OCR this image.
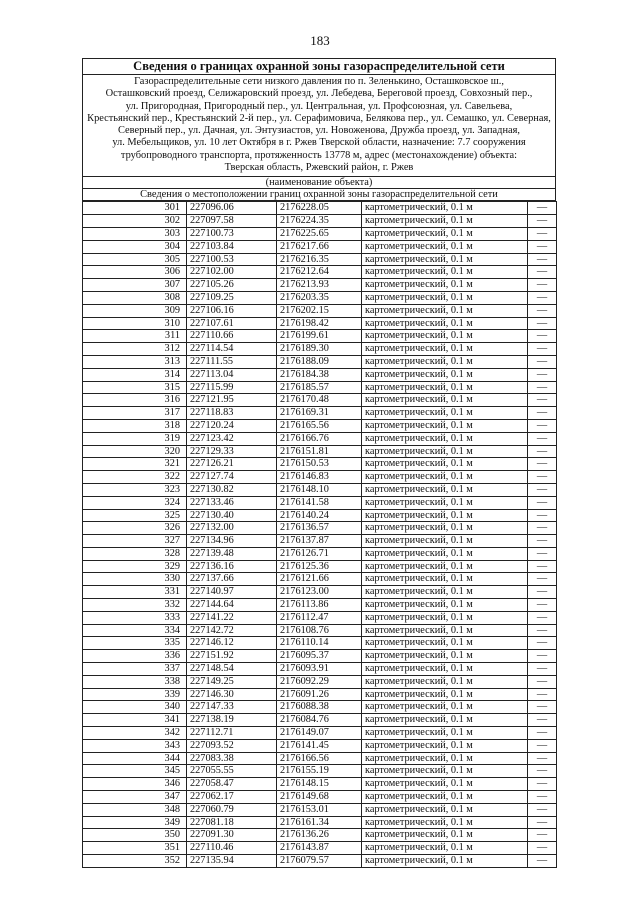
183
Сведения о границах охранной зоны газораспределительной сети

Газораспределительные сети низкого давления по п. Зеленькино, Осташковское ш.,
Осташковский проезд, Селижаровский проезд, ул. Лебедева, Береговой проезд, Совхозный пер.,
ул. Пригородная, Пригородный пер., ул. Центральная, ул. Профсоюзная, ул. Савельева,
Крестьянский пер., Крестьянский 2-й пер., ул. Серафимовича, Белякова пер., ул. Семашко, ул. Северная,
Северный пер., ул. Дачная, ул. Энтузиастов, ул. Новоженова, Дружба проезд, ул. Западная,
ул. Мебельщиков, ул. 10 лет Октября в г. Ржев Тверской области, назначение: 7.7 сооружения
трубопроводного транспорта, протяженность 13778 м, адрес (местонахождение) объекта:
Тверская область, Ржевский район, г. Ржев

(наименование объекта)
Сведения о местоположении границ охранной зоны газораспределительной сети
301	227096.06	2176228.05	картометрический, 0.1 м	—
302	227097.58	2176224.35	картометрический, 0.1 м	—
303	227100.73	2176225.65	картометрический, 0.1 м	—
304	227103.84	2176217.66	картометрический, 0.1 м	—
305	227100.53	2176216.35	картометрический, 0.1 м	—
306	227102.00	2176212.64	картометрический, 0.1 м	—
307	227105.26	2176213.93	картометрический, 0.1 м	—
308	227109.25	2176203.35	картометрический, 0.1 м	—
309	227106.16	2176202.15	картометрический, 0.1 м	—
310	227107.61	2176198.42	картометрический, 0.1 м	—
311	227110.66	2176199.61	картометрический, 0.1 м	—
312	227114.54	2176189.30	картометрический, 0.1 м	—
313	227111.55	2176188.09	картометрический, 0.1 м	—
314	227113.04	2176184.38	картометрический, 0.1 м	—
315	227115.99	2176185.57	картометрический, 0.1 м	—
316	227121.95	2176170.48	картометрический, 0.1 м	—
317	227118.83	2176169.31	картометрический, 0.1 м	—
318	227120.24	2176165.56	картометрический, 0.1 м	—
319	227123.42	2176166.76	картометрический, 0.1 м	—
320	227129.33	2176151.81	картометрический, 0.1 м	—
321	227126.21	2176150.53	картометрический, 0.1 м	—
322	227127.74	2176146.83	картометрический, 0.1 м	—
323	227130.82	2176148.10	картометрический, 0.1 м	—
324	227133.46	2176141.58	картометрический, 0.1 м	—
325	227130.40	2176140.24	картометрический, 0.1 м	—
326	227132.00	2176136.57	картометрический, 0.1 м	—
327	227134.96	2176137.87	картометрический, 0.1 м	—
328	227139.48	2176126.71	картометрический, 0.1 м	—
329	227136.16	2176125.36	картометрический, 0.1 м	—
330	227137.66	2176121.66	картометрический, 0.1 м	—
331	227140.97	2176123.00	картометрический, 0.1 м	—
332	227144.64	2176113.86	картометрический, 0.1 м	—
333	227141.22	2176112.47	картометрический, 0.1 м	—
334	227142.72	2176108.76	картометрический, 0.1 м	—
335	227146.12	2176110.14	картометрический, 0.1 м	—
336	227151.92	2176095.37	картометрический, 0.1 м	—
337	227148.54	2176093.91	картометрический, 0.1 м	—
338	227149.25	2176092.29	картометрический, 0.1 м	—
339	227146.30	2176091.26	картометрический, 0.1 м	—
340	227147.33	2176088.38	картометрический, 0.1 м	—
341	227138.19	2176084.76	картометрический, 0.1 м	—
342	227112.71	2176149.07	картометрический, 0.1 м	—
343	227093.52	2176141.45	картометрический, 0.1 м	—
344	227083.38	2176166.56	картометрический, 0.1 м	—
345	227055.55	2176155.19	картометрический, 0.1 м	—
346	227058.47	2176148.15	картометрический, 0.1 м	—
347	227062.17	2176149.68	картометрический, 0.1 м	—
348	227060.79	2176153.01	картометрический, 0.1 м	—
349	227081.18	2176161.34	картометрический, 0.1 м	—
350	227091.30	2176136.26	картометрический, 0.1 м	—
351	227110.46	2176143.87	картометрический, 0.1 м	—
352	227135.94	2176079.57	картометрический, 0.1 м	—
